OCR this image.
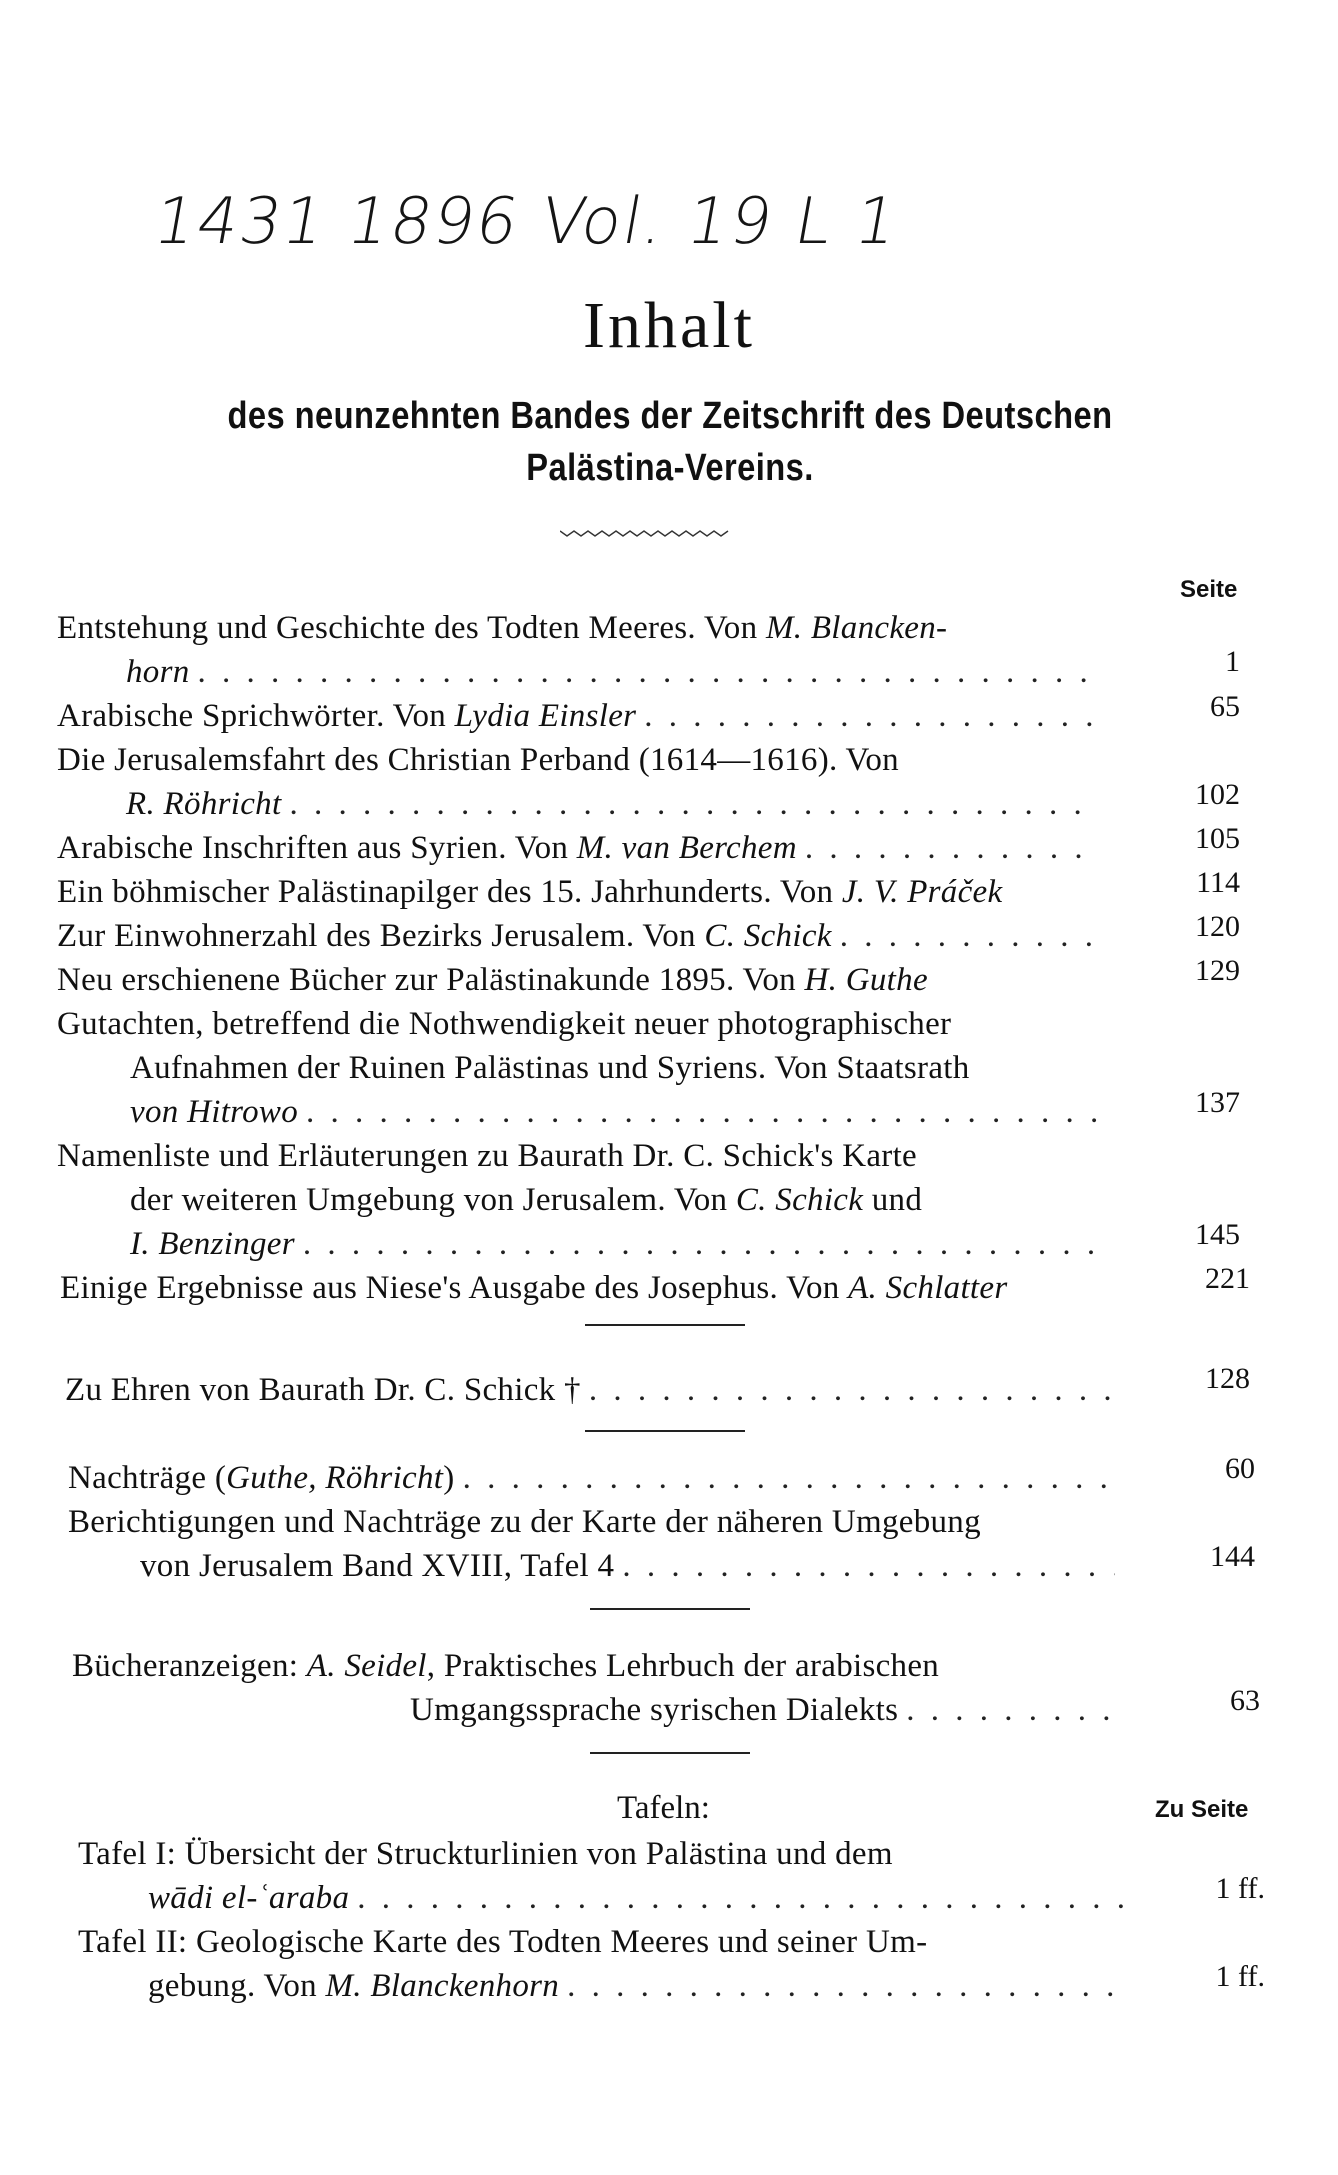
1431 1896 Vol. 19 L 1
Inhalt
des neunzehnten Bandes der Zeitschrift des Deutschen
Palästina-Vereins.
Seite
Entstehung und Geschichte des Todten Meeres. Von M. Blancken-
horn . . .	1
Arabische Sprichwörter. Von Lydia Einsler . . .	65
Die Jerusalemsfahrt des Christian Perband (1614—1616). Von
R. Röhricht . . .	102
Arabische Inschriften aus Syrien. Von M. van Berchem . . .	105
Ein böhmischer Palästinapilger des 15. Jahrhunderts. Von J. V. Práček	114
Zur Einwohnerzahl des Bezirks Jerusalem. Von C. Schick . . .	120
Neu erschienene Bücher zur Palästinakunde 1895. Von H. Guthe	129
Gutachten, betreffend die Nothwendigkeit neuer photographischer
Aufnahmen der Ruinen Palästinas und Syriens. Von Staatsrath
von Hitrowo . . .	137
Namenliste und Erläuterungen zu Baurath Dr. C. Schick's Karte
der weiteren Umgebung von Jerusalem. Von C. Schick und
I. Benzinger . . .	145
Einige Ergebnisse aus Niese's Ausgabe des Josephus. Von A. Schlatter	221
Zu Ehren von Baurath Dr. C. Schick † . . .	128
Nachträge (Guthe, Röhricht) . . .	60
Berichtigungen und Nachträge zu der Karte der näheren Umgebung
von Jerusalem Band XVIII, Tafel 4 . . .	144
Bücheranzeigen: A. Seidel, Praktisches Lehrbuch der arabischen
Umgangssprache syrischen Dialekts . . .	63
Tafeln:	Zu Seite
Tafel I: Übersicht der Struckturlinien von Palästina und dem
wādi el-ʿaraba . . .	1 ff.
Tafel II: Geologische Karte des Todten Meeres und seiner Um-
gebung. Von M. Blanckenhorn . . .	1 ff.
